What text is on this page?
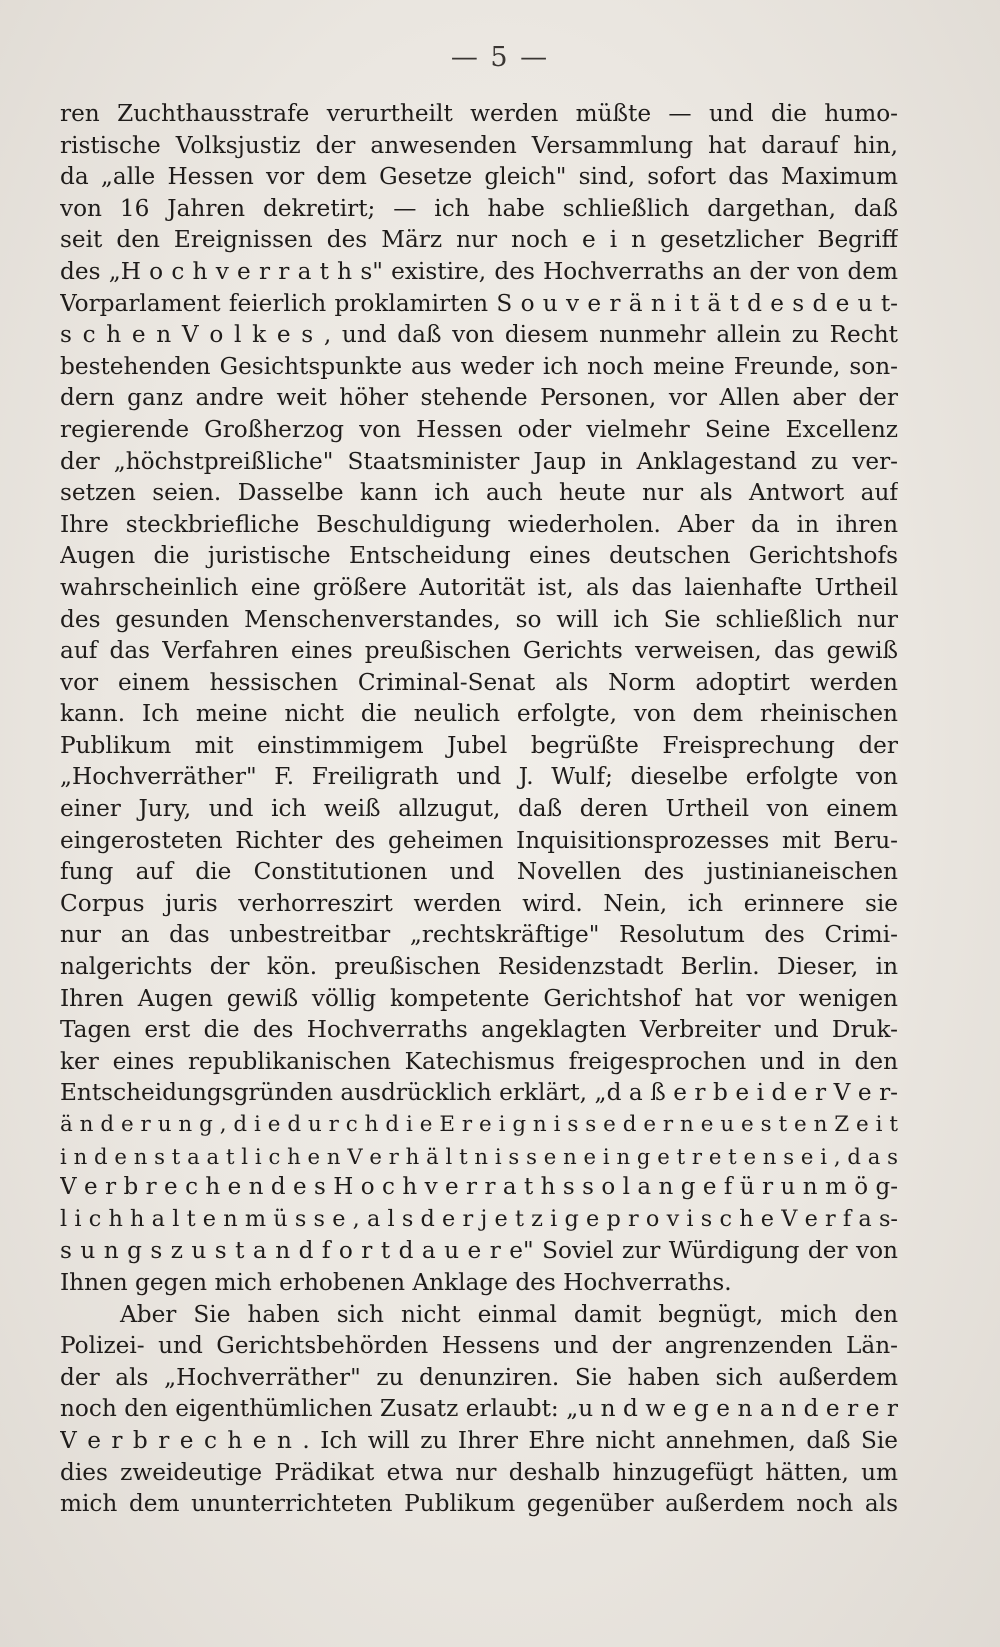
— 5 —
ren Zuchthausstrafe verurtheilt werden müßte — und die humo-
ristische Volksjustiz der anwesenden Versammlung hat darauf hin,
da „alle Hessen vor dem Gesetze gleich" sind, sofort das Maximum
von 16 Jahren dekretirt; — ich habe schließlich dargethan, daß
seit den Ereignissen des März nur noch e i n gesetzlicher Begriff
des „H o c h v e r r a t h s" existire, des Hochverraths an der von dem
Vorparlament feierlich proklamirten S o u v e r ä n i t ä t d e s d e u t-
s c h e n V o l k e s , und daß von diesem nunmehr allein zu Recht
bestehenden Gesichtspunkte aus weder ich noch meine Freunde, son-
dern ganz andre weit höher stehende Personen, vor Allen aber der
regierende Großherzog von Hessen oder vielmehr Seine Excellenz
der „höchstpreißliche" Staatsminister Jaup in Anklagestand zu ver-
setzen seien. Dasselbe kann ich auch heute nur als Antwort auf
Ihre steckbriefliche Beschuldigung wiederholen. Aber da in ihren
Augen die juristische Entscheidung eines deutschen Gerichtshofs
wahrscheinlich eine größere Autorität ist, als das laienhafte Urtheil
des gesunden Menschenverstandes, so will ich Sie schließlich nur
auf das Verfahren eines preußischen Gerichts verweisen, das gewiß
vor einem hessischen Criminal-Senat als Norm adoptirt werden
kann. Ich meine nicht die neulich erfolgte, von dem rheinischen
Publikum mit einstimmigem Jubel begrüßte Freisprechung der
„Hochverräther" F. Freiligrath und J. Wulf; dieselbe erfolgte von
einer Jury, und ich weiß allzugut, daß deren Urtheil von einem
eingerosteten Richter des geheimen Inquisitionsprozesses mit Beru-
fung auf die Constitutionen und Novellen des justinianeischen
Corpus juris verhorreszirt werden wird. Nein, ich erinnere sie
nur an das unbestreitbar „rechtskräftige" Resolutum des Crimi-
nalgerichts der kön. preußischen Residenzstadt Berlin. Dieser, in
Ihren Augen gewiß völlig kompetente Gerichtshof hat vor wenigen
Tagen erst die des Hochverraths angeklagten Verbreiter und Druk-
ker eines republikanischen Katechismus freigesprochen und in den
Entscheidungsgründen ausdrücklich erklärt, „d a ß e r b e i d e r V e r-
ä n d e r u n g , d i e d u r c h d i e E r e i g n i s s e d e r n e u e s t e n Z e i t
i n d e n s t a a t l i c h e n V e r h ä l t n i s s e n e i n g e t r e t e n s e i , d a s
V e r b r e c h e n d e s H o c h v e r r a t h s s o l a n g e f ü r u n m ö g-
l i c h h a l t e n m ü s s e , a l s d e r j e t z i g e p r o v i s c h e V e r f a s-
s u n g s z u s t a n d f o r t d a u e r e" Soviel zur Würdigung der von
Ihnen gegen mich erhobenen Anklage des Hochverraths.
Aber Sie haben sich nicht einmal damit begnügt, mich den
Polizei- und Gerichtsbehörden Hessens und der angrenzenden Län-
der als „Hochverräther" zu denunziren. Sie haben sich außerdem
noch den eigenthümlichen Zusatz erlaubt: „u n d w e g e n a n d e r e r
V e r b r e c h e n . Ich will zu Ihrer Ehre nicht annehmen, daß Sie
dies zweideutige Prädikat etwa nur deshalb hinzugefügt hätten, um
mich dem ununterrichteten Publikum gegenüber außerdem noch als
